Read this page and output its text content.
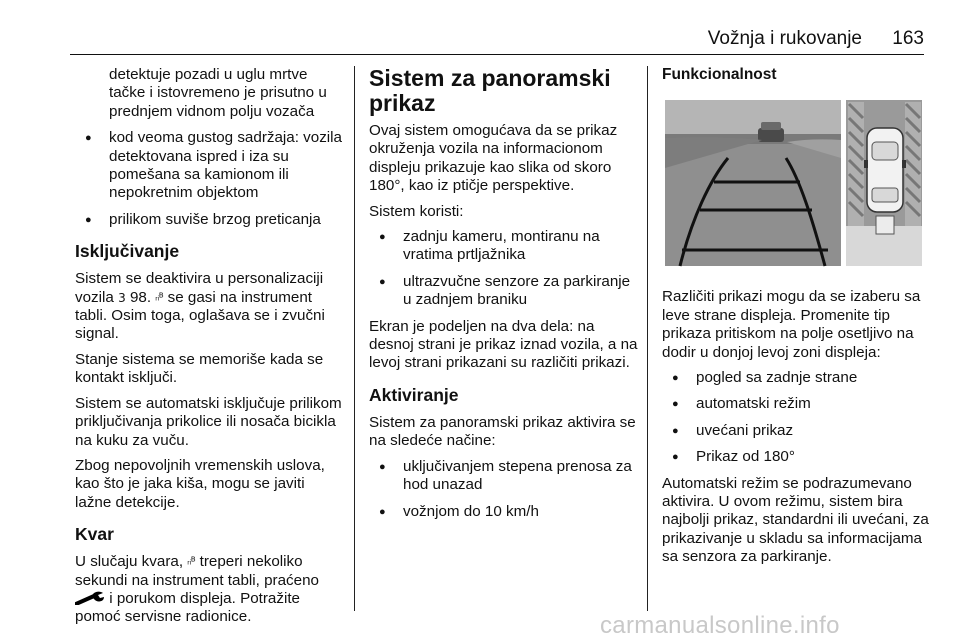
Vožnja i rukovanje 163
detektuje pozadi u uglu mrtve tačke i istovremeno je prisutno u prednjem vidnom polju vozača
● kod veoma gustog sadržaja: vozila detektovana ispred i iza su pomešana sa kamionom ili nepokretnim objektom
● prilikom suviše brzog preticanja
Isključivanje

Sistem se deaktivira u personalizaciji vozila 3 98. ᵣᵢᴮ se gasi na instrument tabli. Osim toga, oglašava se i zvučni signal.

Stanje sistema se memoriše kada se kontakt isključi.

Sistem se automatski isključuje prilikom priključivanja prikolice ili nosača bicikla na kuku za vuču.

Zbog nepovoljnih vremenskih uslova, kao što je jaka kiša, mogu se javiti lažne detekcije.

Kvar

U slučaju kvara, ᵣᵢᴮ treperi nekoliko sekundi na instrument tabli, praćeno  i porukom displeja. Potražite pomoć servisne radionice.

Sistem za panoramski prikaz

Ovaj sistem omogućava da se prikaz okruženja vozila na informacionom displeju prikazuje kao slika od skoro 180°, kao iz ptičje perspektive.

Sistem koristi:

● zadnju kameru, montiranu na vratima prtljažnika
● ultrazvučne senzore za parkiranje u zadnjem braniku

Ekran je podeljen na dva dela: na desnoj strani je prikaz iznad vozila, a na levoj strani prikazani su različiti prikazi.

Aktiviranje

Sistem za panoramski prikaz aktivira se na sledeće načine:

● uključivanjem stepena prenosa za hod unazad
● vožnjom do 10 km/h
Funkcionalnost

Različiti prikazi mogu da se izaberu sa leve strane displeja. Promenite tip prikaza pritiskom na polje osetljivo na dodir u donjoj levoj zoni displeja:

● pogled sa zadnje strane
● automatski režim
● uvećani prikaz
● Prikaz od 180°

Automatski režim se podrazumevano aktivira. U ovom režimu, sistem bira najbolji prikaz, standardni ili uvećani, za prikazivanje u skladu sa informacijama sa senzora za parkiranje.

carmanualsonline.info
